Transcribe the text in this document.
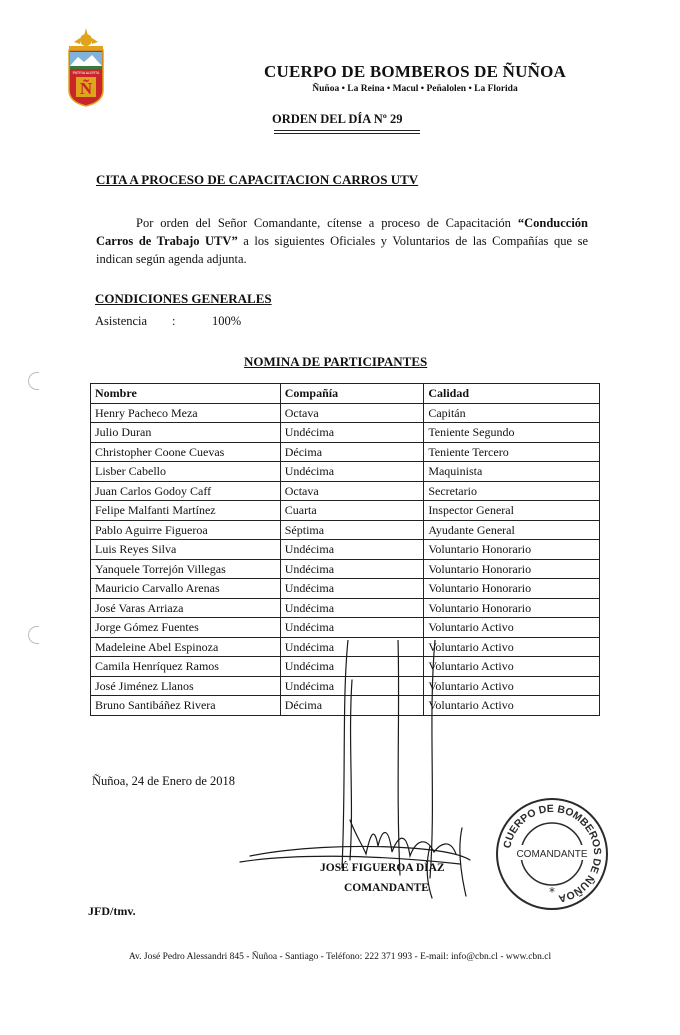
PATRIA ALERTA
Ñ
CUERPO DE BOMBEROS DE ÑUÑOA
Ñuñoa • La Reina • Macul • Peñalolen • La Florida
ORDEN DEL DÍA Nº 29
CITA A PROCESO DE CAPACITACION CARROS UTV
Por orden del Señor Comandante, cítense a proceso de Capacitación “Conducción Carros de Trabajo UTV” a los siguientes Oficiales y Voluntarios de las Compañías que se indican según agenda adjunta.
CONDICIONES GENERALES
Asistencia :	100%
NOMINA DE PARTICIPANTES
Nombre	Compañía	Calidad
Henry Pacheco Meza	Octava	Capitán
Julio Duran	Undécima	Teniente Segundo
Christopher Coone Cuevas	Décima	Teniente Tercero
Lisber Cabello	Undécima	Maquinista
Juan Carlos Godoy Caff	Octava	Secretario
Felipe Malfanti Martínez	Cuarta	Inspector General
Pablo Aguirre Figueroa	Séptima	Ayudante General
Luis Reyes Silva	Undécima	Voluntario Honorario
Yanquele Torrejón Villegas	Undécima	Voluntario Honorario
Mauricio Carvallo Arenas	Undécima	Voluntario Honorario
José Varas Arriaza	Undécima	Voluntario Honorario
Jorge Gómez Fuentes	Undécima	Voluntario Activo
Madeleine Abel Espinoza	Undécima	Voluntario Activo
Camila Henríquez Ramos	Undécima	Voluntario Activo
José Jiménez Llanos	Undécima	Voluntario Activo
Bruno Santibáñez Rivera	Décima	Voluntario Activo
Ñuñoa, 24 de Enero de 2018
JOSÉ FIGUEROA DÍAZ
COMANDANTE
CUERPO DE BOMBEROS DE ÑUÑOA
COMANDANTE
*
JFD/tmv.
Av. José Pedro Alessandri 845 - Ñuñoa - Santiago - Teléfono: 222 371 993 - E-mail: info@cbn.cl - www.cbn.cl
